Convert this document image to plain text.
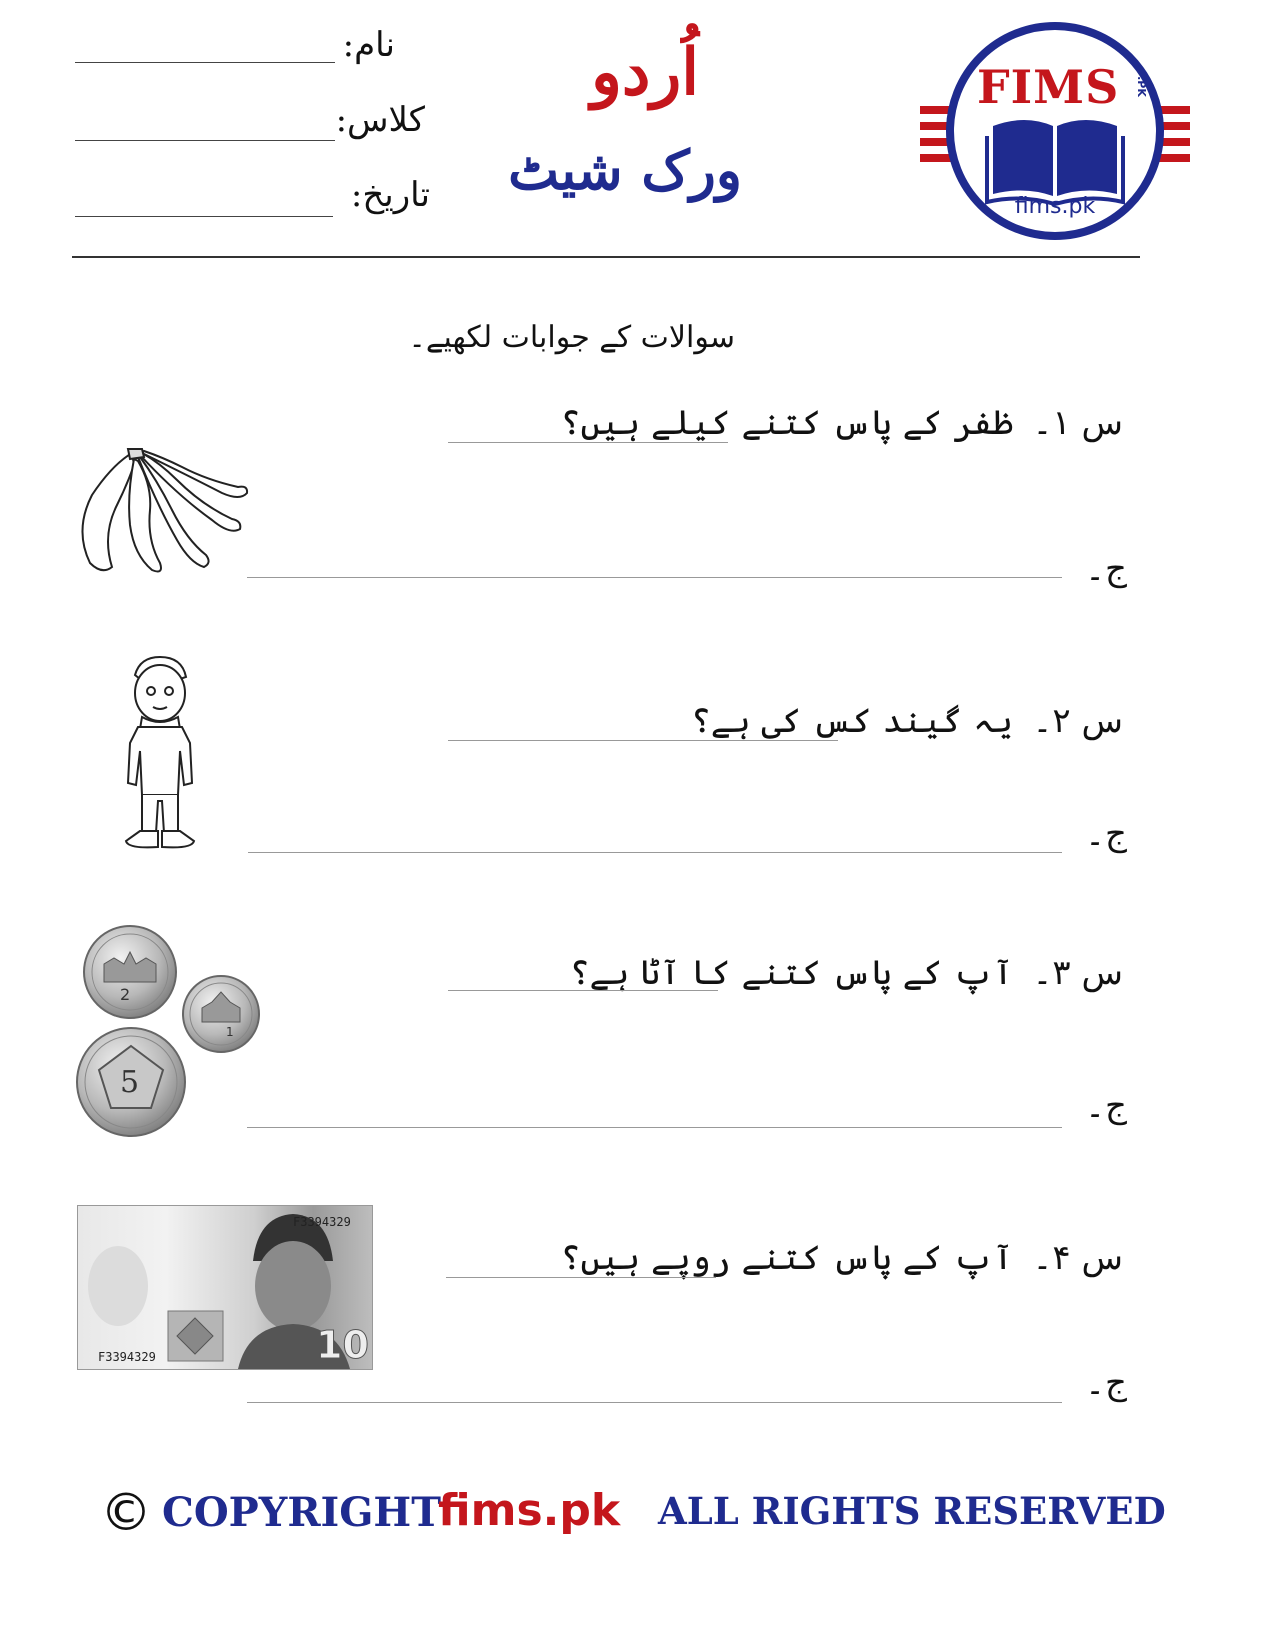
نام:
کلاس:
تاریخ:
اُردو
ورک شیٹ
FIMS .PK
fims.pk
سوالات کے جوابات لکھیے۔
س ۱۔
ظفر کے پاس کتنے کیلے ہیں؟
ج۔
س ۲۔
یہ گیند کس کی ہے؟
ج۔
س ۳۔
آپ کے پاس کتنے کا آٹا ہے؟
2
1
5
ج۔
س ۴۔
آپ کے پاس کتنے روپے ہیں؟
F3394329
F3394329	10
ج۔
© COPYRIGHT
fims.pk ALL RIGHTS RESERVED
